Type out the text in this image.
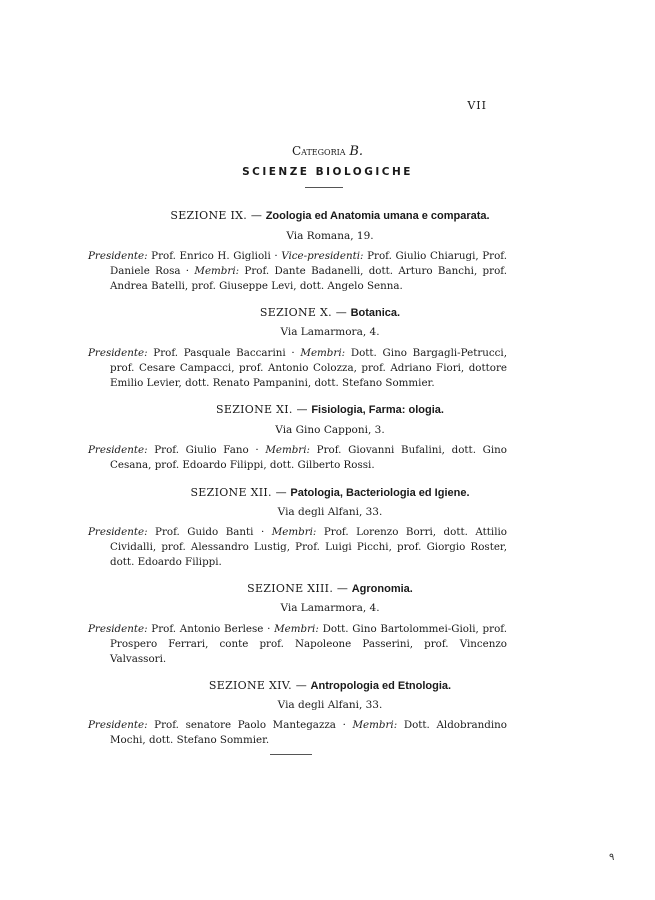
VII
Categoria B.
SCIENZE BIOLOGICHE
SEZIONE IX. — Zoologia ed Anatomia umana e comparata.
Via Romana, 19.

Presidente: Prof. Enrico H. Giglioli · Vice-presidenti: Prof. Giulio Chiarugi, Prof. Daniele Rosa · Membri: Prof. Dante Badanelli, dott. Arturo Banchi, prof. Andrea Batelli, prof. Giuseppe Levi, dott. Angelo Senna.

SEZIONE X. — Botanica.
Via Lamarmora, 4.

Presidente: Prof. Pasquale Baccarini · Membri: Dott. Gino Bargagli-Petrucci, prof. Cesare Campacci, prof. Antonio Colozza, prof. Adriano Fiori, dottore Emilio Levier, dott. Renato Pampanini, dott. Stefano Sommier.

SEZIONE XI. — Fisiologia, Farma: ologia.
Via Gino Capponi, 3.

Presidente: Prof. Giulio Fano · Membri: Prof. Giovanni Bufalini, dott. Gino Cesana, prof. Edoardo Filippi, dott. Gilberto Rossi.

SEZIONE XII. — Patologia, Bacteriologia ed Igiene.
Via degli Alfani, 33.

Presidente: Prof. Guido Banti · Membri: Prof. Lorenzo Borri, dott. Attilio Cividalli, prof. Alessandro Lustig, Prof. Luigi Picchi, prof. Giorgio Roster, dott. Edoardo Filippi.

SEZIONE XIII. — Agronomia.
Via Lamarmora, 4.

Presidente: Prof. Antonio Berlese · Membri: Dott. Gino Bartolommei-Gioli, prof. Prospero Ferrari, conte prof. Napoleone Passerini, prof. Vincenzo Valvassori.

SEZIONE XIV. — Antropologia ed Etnologia.
Via degli Alfani, 33.

Presidente: Prof. senatore Paolo Mantegazza · Membri: Dott. Aldobrandino Mochi, dott. Stefano Sommier.

٩
